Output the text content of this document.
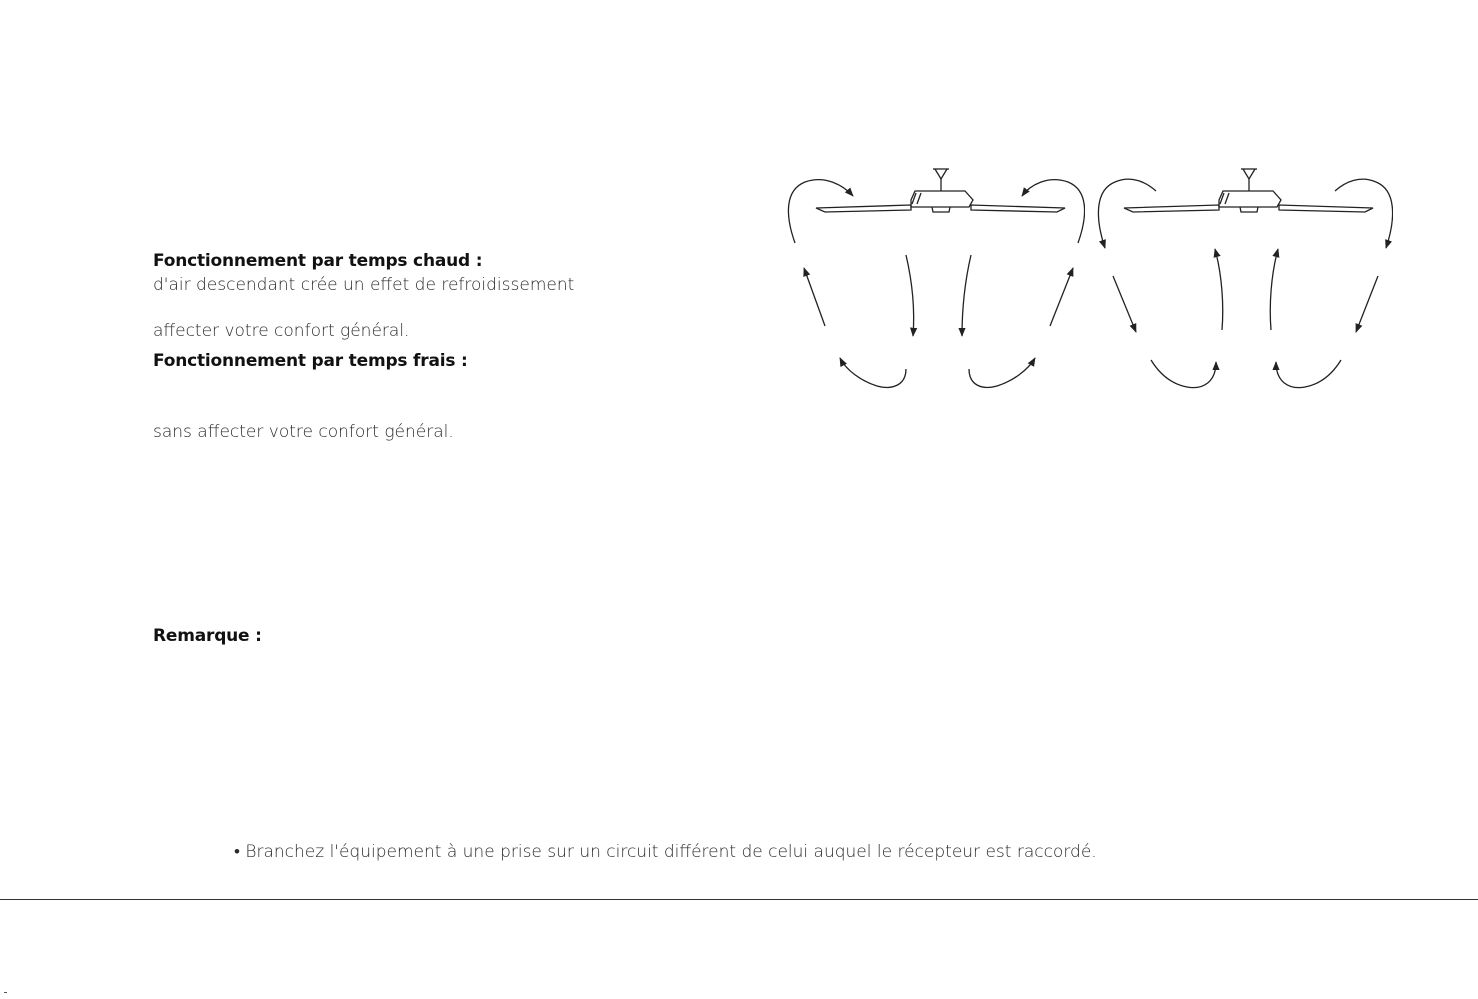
Fonctionnement par temps chaud :
d'air descendant crée un effet de refroidissement
affecter votre confort général.
Fonctionnement par temps frais :
sans affecter votre confort général.
Remarque :
• Branchez l'équipement à une prise sur un circuit différent de celui auquel le récepteur est raccordé.
